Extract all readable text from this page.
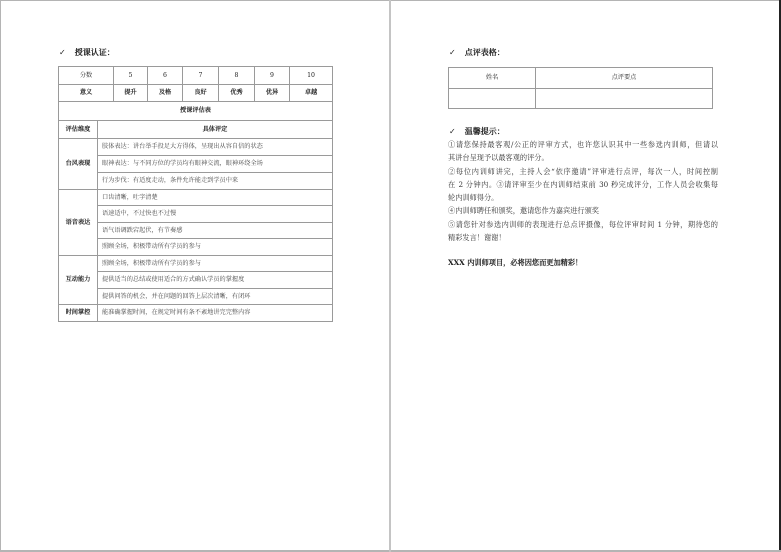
✓ 授课认证：
分数		5	6	7	8	9	10
意义		提升	及格	良好	优秀	优异	卓越
授课评估表							
评估维度	具体评定						
台风表现	肢体表达：讲台举手投足大方得体，呈现出从容自信的状态						
	眼神表达：与不同方位的学员均有眼神交流，眼神环绕全场						
	行为步伐：有适度走动，条件允许能走到学员中来						
语音表达	口齿清晰，吐字清楚						
	语速适中，不过快也不过慢						
	语气语调跌宕起伏，有节奏感						
	照顾全场，积极带动所有学员的参与						
互动能力	照顾全场，积极带动所有学员的参与						
	提供适当的总结或使用适合的方式确认学员的掌握度						
	提供问答的机会，并在问题的回答上层次清晰，有闭环						
时间掌控	能准确掌握时间，在规定时间有条不紊地讲完完整内容						
✓ 点评表格：
姓名	点评要点

✓ 温馨提示：
①请您保持最客观/公正的评审方式，也许您认识其中一些参选内训师，但请以
其讲台呈现予以最客观的评分。
②每位内训师讲完，主持人会“依序邀请”评审进行点评，每次一人，时间控制
在 2 分钟内。③请评审至少在内训师结束前 30 秒完成评分，工作人员会收集每
轮内训师得分。
④内训师聘任和颁奖，邀请您作为嘉宾进行颁奖
⑤请您针对参选内训师的表现进行总点评摄像，每位评审时间 1 分钟，期待您的
精彩发言！谢谢！
XXX 内训师项目，必将因您而更加精彩！
